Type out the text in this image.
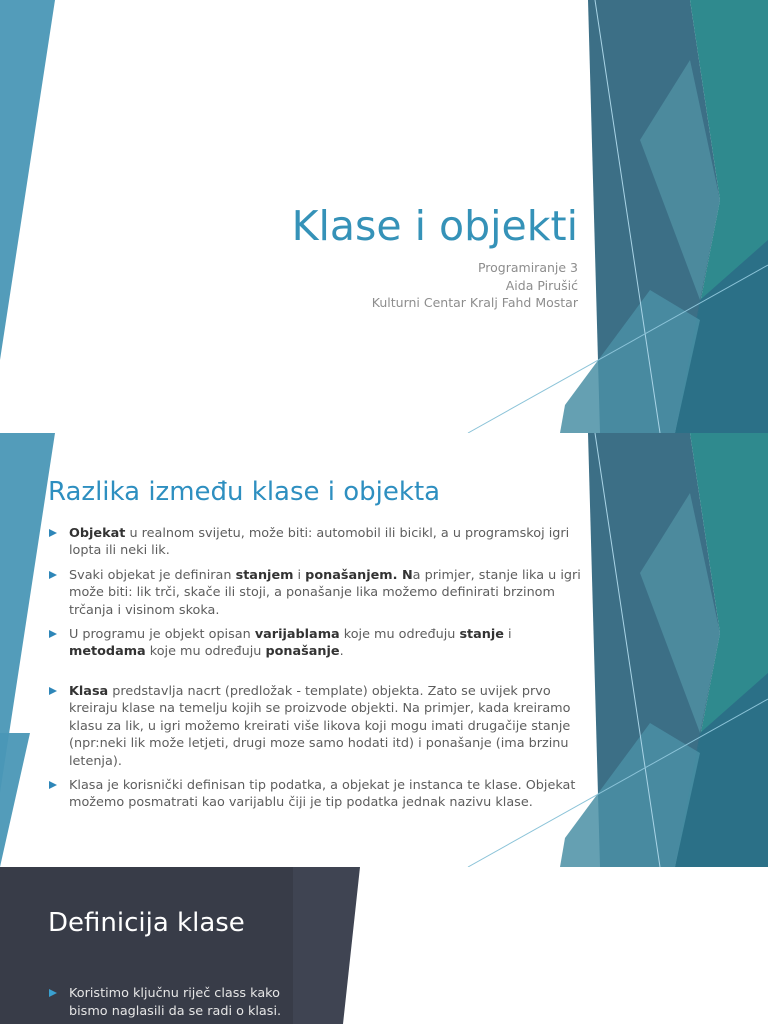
Klase i objekti
Programiranje 3
Aida Pirušić
Kulturni Centar Kralj Fahd Mostar
Razlika između klase i objekta
Objekat u realnom svijetu, može biti: automobil ili bicikl, a u programskoj igri lopta ili neki lik.
Svaki objekat je definiran stanjem i ponašanjem. Na primjer, stanje lika u igri može biti: lik trči, skače ili stoji, a ponašanje lika možemo definirati brzinom trčanja i visinom skoka.
U programu je objekt opisan varijablama koje mu određuju stanje i metodama koje mu određuju ponašanje.
Klasa predstavlja nacrt (predložak - template) objekta. Zato se uvijek prvo kreiraju klase na temelju kojih se proizvode objekti. Na primjer, kada kreiramo klasu za lik, u igri možemo kreirati više likova koji mogu imati drugačije stanje (npr:neki lik može letjeti, drugi moze samo hodati itd) i ponašanje (ima brzinu letenja).
Klasa je korisnički definisan tip podatka, a objekat je instanca te klase. Objekat možemo posmatrati kao varijablu čiji je tip podatka jednak nazivu klase.
Definicija klase
Koristimo ključnu riječ class kako bismo naglasili da se radi o klasi.
